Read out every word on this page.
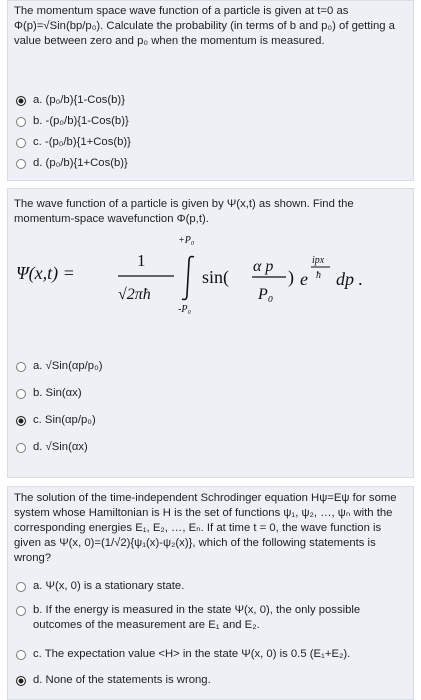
The momentum space wave function of a particle is given at t=0 as Φ(p)=√Sin(bp/p₀). Calculate the probability (in terms of b and p₀) of getting a value between zero and p₀ when the momentum is measured.
a. (p₀/b){1-Cos(b)}
b. -(p₀/b){1-Cos(b)}
c. -(p₀/b){1+Cos(b)}
d. (p₀/b){1+Cos(b)}
The wave function of a particle is given by Ψ(x,t) as shown. Find the momentum-space wavefunction Φ(p,t).
Ψ(x,t) =
1
√2πħ
+P₀
-P₀
sin(
α p
P₀
) e
ipx
ħ dp .
a. √Sin(αp/p₀)
b. Sin(αx)
c. Sin(αp/p₀)
d. √Sin(αx)
The solution of the time-independent Schrodinger equation Hψ=Eψ for some system whose Hamiltonian is H is the set of functions ψ₁, ψ₂, …, ψₙ with the corresponding energies E₁, E₂, …, Eₙ. If at time t = 0, the wave function is given as Ψ(x, 0)=(1/√2){ψ₁(x)-ψ₂(x)}, which of the following statements is wrong?
a. Ψ(x, 0) is a stationary state.
b. If the energy is measured in the state Ψ(x, 0), the only possible outcomes of the measurement are E₁ and E₂.
c. The expectation value <H> in the state Ψ(x, 0) is 0.5 (E₁+E₂).
d. None of the statements is wrong.
